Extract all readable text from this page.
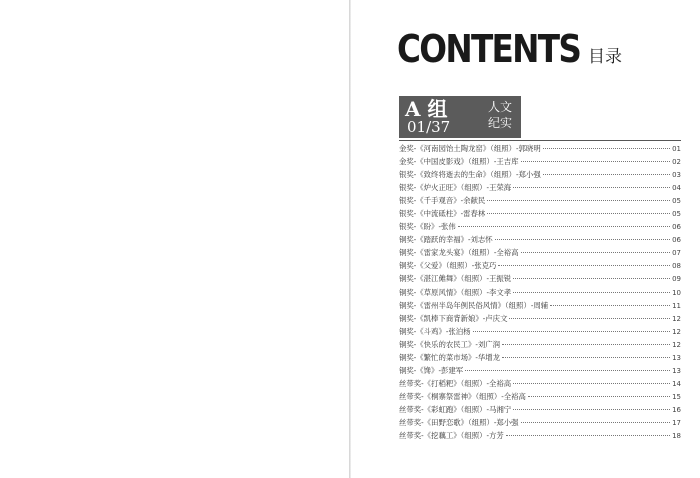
CONTENTS 目录
A 组
01/37
人文
纪实
金奖-《河南园饴土陶龙窑》（组照）-郭晓明	01
金奖-《中国皮影戏》（组照）-王吉库	02
银奖-《致终将逝去的生命》（组照）-郑小强	03
银奖-《炉火正旺》（组照）-王荣海	04
银奖-《千手观音》-余献民	05
银奖-《中流砥柱》-雷春林	05
银奖-《盼》-张伟	06
铜奖-《踏跃的幸福》-刘志怀	06
铜奖-《雷家龙头宴》（组照）-全裕高	07
铜奖-《父爱》（组照）-张克巧	08
铜奖-《湛江傩舞》（组照）-王振锐	09
铜奖-《草原风情》（组照）-李文孝	10
铜奖-《雷州半岛年例民俗风情》（组照）-周辅	11
铜奖-《凯棒下商背新娘》-卢庆文	12
铜奖-《斗鸡》-张泊杨	12
铜奖-《快乐的农民工》-刘广润	12
铜奖-《繁忙的菜市场》-华增龙	13
铜奖-《馋》-彭建军	13
丝带奖-《打稻粑》（组照）-全裕高	14
丝带奖-《桐寨祭雷神》（组照）-全裕高	15
丝带奖-《彩虹跑》（组照）-马湘宁	16
丝带奖-《田野恋歌》（组照）-郑小强	17
丝带奖-《挖藕工》（组照）-方芳	18
